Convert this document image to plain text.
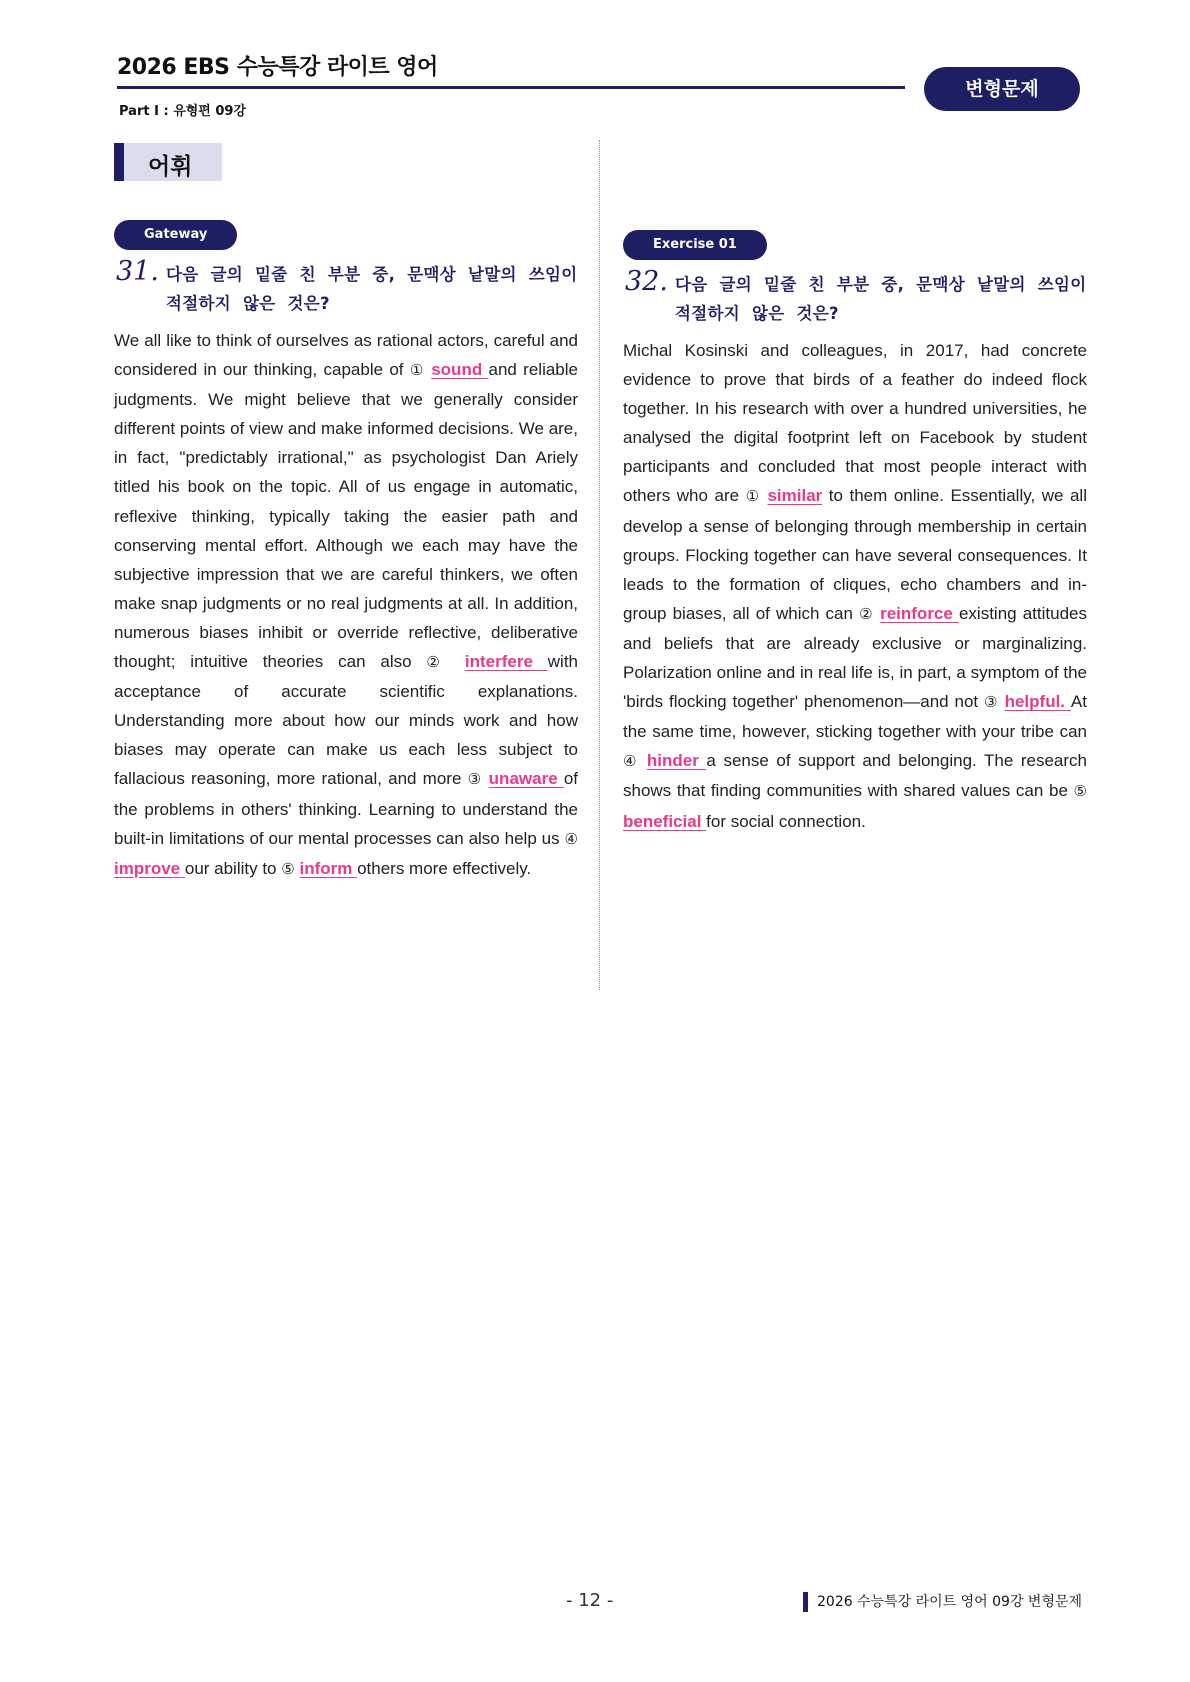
2026 EBS 수능특강 라이트 영어
Part Ⅰ : 유형편 09강
변형문제
어휘
Gateway
31. 다음 글의 밑줄 친 부분 중, 문맥상 낱말의 쓰임이 적절하지 않은 것은?
We all like to think of ourselves as rational actors, careful and considered in our thinking, capable of ① sound and reliable judgments. We might believe that we generally consider different points of view and make informed decisions. We are, in fact, "predictably irrational," as psychologist Dan Ariely titled his book on the topic. All of us engage in automatic, reflexive thinking, typically taking the easier path and conserving mental effort. Although we each may have the subjective impression that we are careful thinkers, we often make snap judgments or no real judgments at all. In addition, numerous biases inhibit or override reflective, deliberative thought; intuitive theories can also ② interfere with acceptance of accurate scientific explanations. Understanding more about how our minds work and how biases may operate can make us each less subject to fallacious reasoning, more rational, and more ③ unaware of the problems in others' thinking. Learning to understand the built-in limitations of our mental processes can also help us ④ improve our ability to ⑤ inform others more effectively.
Exercise 01
32. 다음 글의 밑줄 친 부분 중, 문맥상 낱말의 쓰임이 적절하지 않은 것은?
Michal Kosinski and colleagues, in 2017, had concrete evidence to prove that birds of a feather do indeed flock together. In his research with over a hundred universities, he analysed the digital footprint left on Facebook by student participants and concluded that most people interact with others who are ① similar to them online. Essentially, we all develop a sense of belonging through membership in certain groups. Flocking together can have several consequences. It leads to the formation of cliques, echo chambers and in-group biases, all of which can ② reinforce existing attitudes and beliefs that are already exclusive or marginalizing. Polarization online and in real life is, in part, a symptom of the 'birds flocking together' phenomenon—and not ③ helpful. At the same time, however, sticking together with your tribe can ④ hinder a sense of support and belonging. The research shows that finding communities with shared values can be ⑤ beneficial for social connection.
- 12 -	2026 수능특강 라이트 영어 09강 변형문제
